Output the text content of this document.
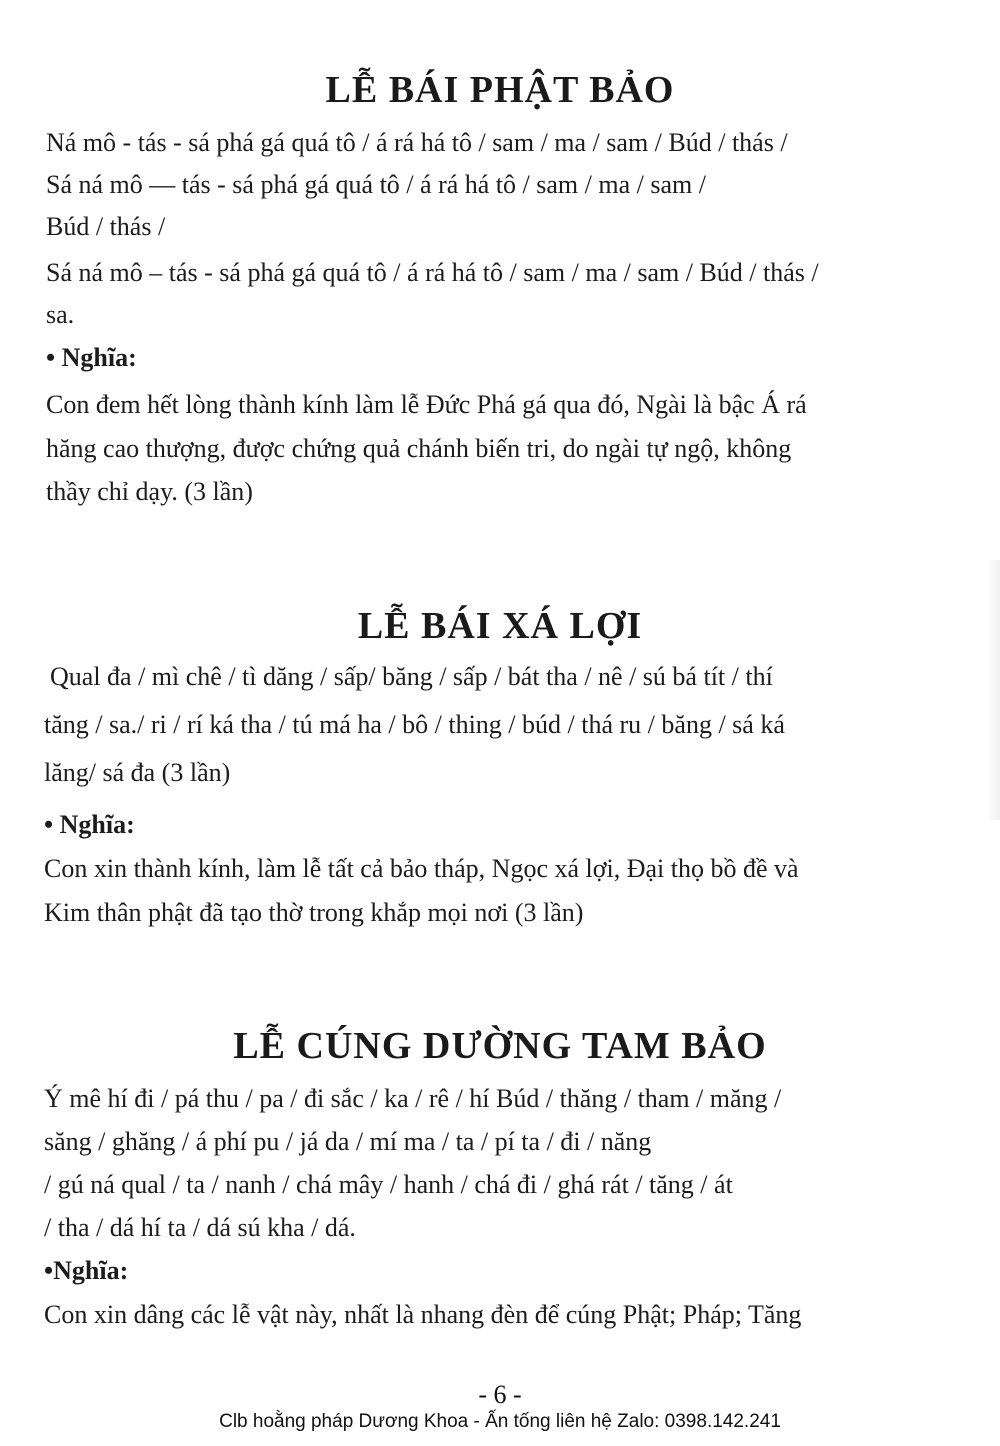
LỄ BÁI PHẬT BẢO
Ná mô - tás - sá phá gá quá tô / á rá há tô / sam / ma / sam / Búd / thás /
Sá ná mô — tás - sá phá gá quá tô / á rá há tô / sam / ma / sam /
Búd / thás /
Sá ná mô – tás - sá phá gá quá tô / á rá há tô / sam / ma / sam / Búd / thás /
sa.
• Nghĩa:
Con đem hết lòng thành kính làm lễ Đức Phá gá qua đó, Ngài là bậc Á rá
hăng cao thượng, được chứng quả chánh biến tri, do ngài tự ngộ, không
thầy chỉ dạy. (3 lần)
LỄ BÁI XÁ LỢI
Qual đa / mì chê / tì dăng / sấp/ băng / sấp / bát tha / nê / sú bá tít / thí
tăng / sa./ ri / rí ká tha / tú má ha / bô / thing / búd / thá ru / băng / sá ká
lăng/ sá đa (3 lần)
• Nghĩa:
Con xin thành kính, làm lễ tất cả bảo tháp, Ngọc xá lợi, Đại thọ bồ đề và
Kim thân phật đã tạo thờ trong khắp mọi nơi (3 lần)
LỄ CÚNG DƯỜNG TAM BẢO
Ý mê hí đi / pá thu / pa / đi sắc / ka / rê / hí Búd / thăng / tham / măng /
săng / ghăng / á phí pu / já da / mí ma / ta / pí ta / đi / năng
/ gú ná qual / ta / nanh / chá mây / hanh / chá đi / ghá rát / tăng / át
/ tha / dá hí ta / dá sú kha / dá.
•Nghĩa:
Con xin dâng các lễ vật này, nhất là nhang đèn để cúng Phật; Pháp; Tăng
- 6 -
Clb hoằng pháp Dương Khoa - Ấn tống liên hệ Zalo: 0398.142.241
